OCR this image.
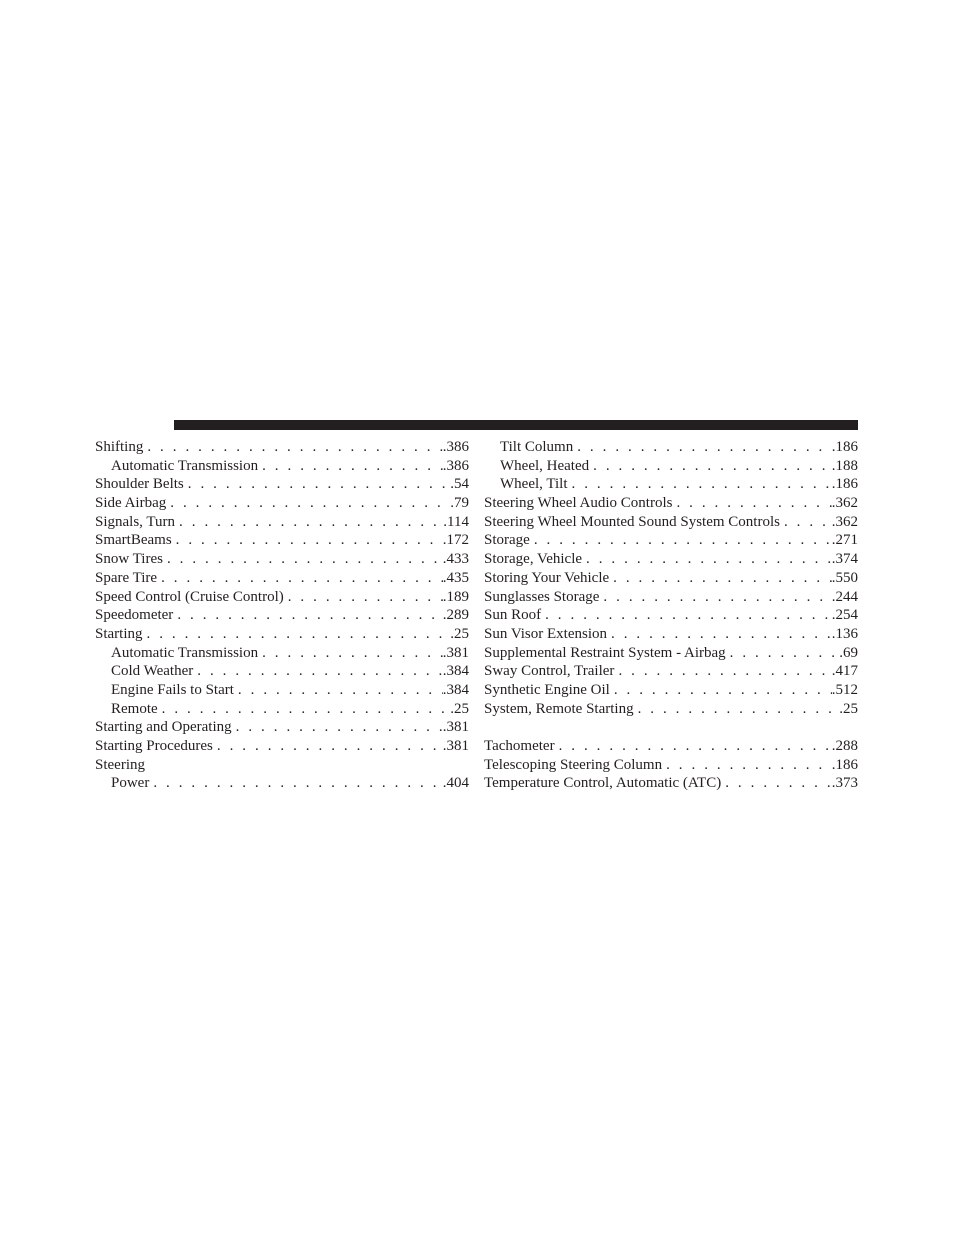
Shifting . . .	.386
Automatic Transmission . . .	.386
Shoulder Belts . . .	.54
Side Airbag . . .	.79
Signals, Turn . . .	.114
SmartBeams . . .	.172
Snow Tires . . .	.433
Spare Tire . . .	.435
Speed Control (Cruise Control) . . .	.189
Speedometer . . .	.289
Starting . . .	.25
Automatic Transmission . . .	.381
Cold Weather . . .	.384
Engine Fails to Start . . .	.384
Remote . . .	.25
Starting and Operating . . .	.381
Starting Procedures . . .	.381
Steering
Power . . .	.404
Tilt Column . . .	.186
Wheel, Heated . . .	.188
Wheel, Tilt . . .	.186
Steering Wheel Audio Controls . . .	.362
Steering Wheel Mounted Sound System Controls . . .	.362
Storage . . .	.271
Storage, Vehicle . . .	.374
Storing Your Vehicle . . .	.550
Sunglasses Storage . . .	.244
Sun Roof . . .	.254
Sun Visor Extension . . .	.136
Supplemental Restraint System - Airbag . . .	.69
Sway Control, Trailer . . .	.417
Synthetic Engine Oil . . .	.512
System, Remote Starting . . .	.25
Tachometer . . .	.288
Telescoping Steering Column . . .	.186
Temperature Control, Automatic (ATC) . . .	.373
